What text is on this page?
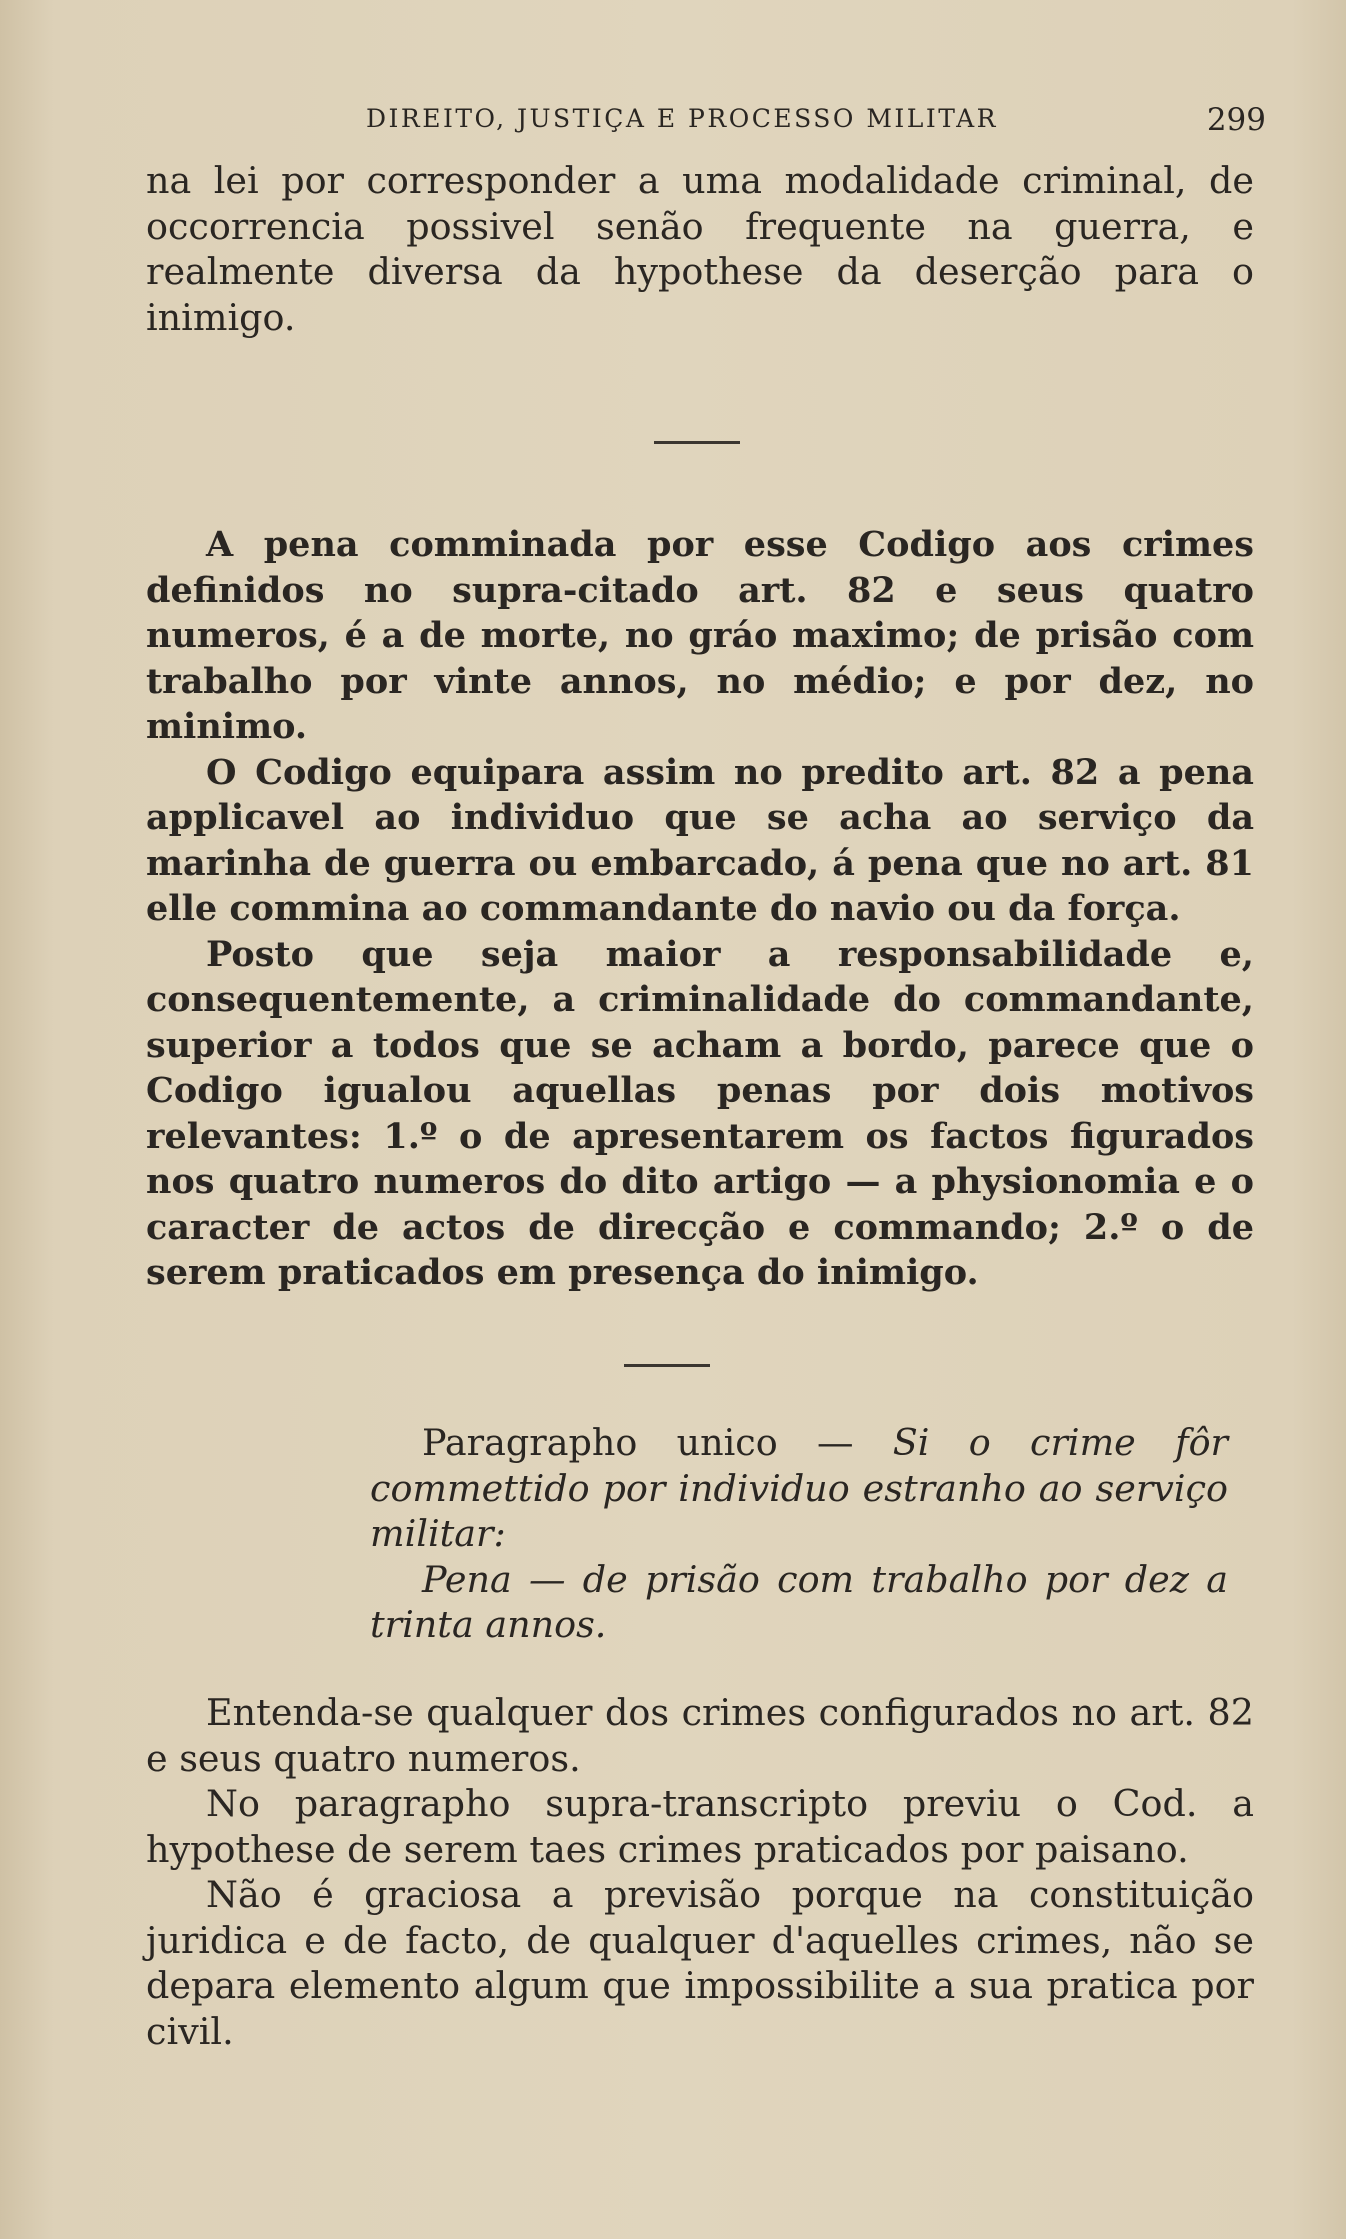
DIREITO, JUSTIÇA E PROCESSO MILITAR	299

na lei por corresponder a uma modalidade criminal, de occorrencia possivel senão frequente na guerra, e realmente diversa da hypothese da deserção para o inimigo.

A pena comminada por esse Codigo aos crimes definidos no supra-citado art. 82 e seus quatro numeros, é a de morte, no gráo maximo; de prisão com trabalho por vinte annos, no médio; e por dez, no minimo.

O Codigo equipara assim no predito art. 82 a pena applicavel ao individuo que se acha ao serviço da marinha de guerra ou embarcado, á pena que no art. 81 elle commina ao commandante do navio ou da força.

Posto que seja maior a responsabilidade e, consequentemente, a criminalidade do commandante, superior a todos que se acham a bordo, parece que o Codigo igualou aquellas penas por dois motivos relevantes: 1.º o de apresentarem os factos figurados nos quatro numeros do dito artigo — a physionomia e o caracter de actos de direcção e commando; 2.º o de serem praticados em presença do inimigo.

Paragrapho unico — Si o crime fôr commettido por individuo estranho ao serviço militar:

Pena — de prisão com trabalho por dez a trinta annos.

Entenda-se qualquer dos crimes configurados no art. 82 e seus quatro numeros.

No paragrapho supra-transcripto previu o Cod. a hypothese de serem taes crimes praticados por paisano.

Não é graciosa a previsão porque na constituição juridica e de facto, de qualquer d'aquelles crimes, não se depara elemento algum que impossibilite a sua pratica por civil.
